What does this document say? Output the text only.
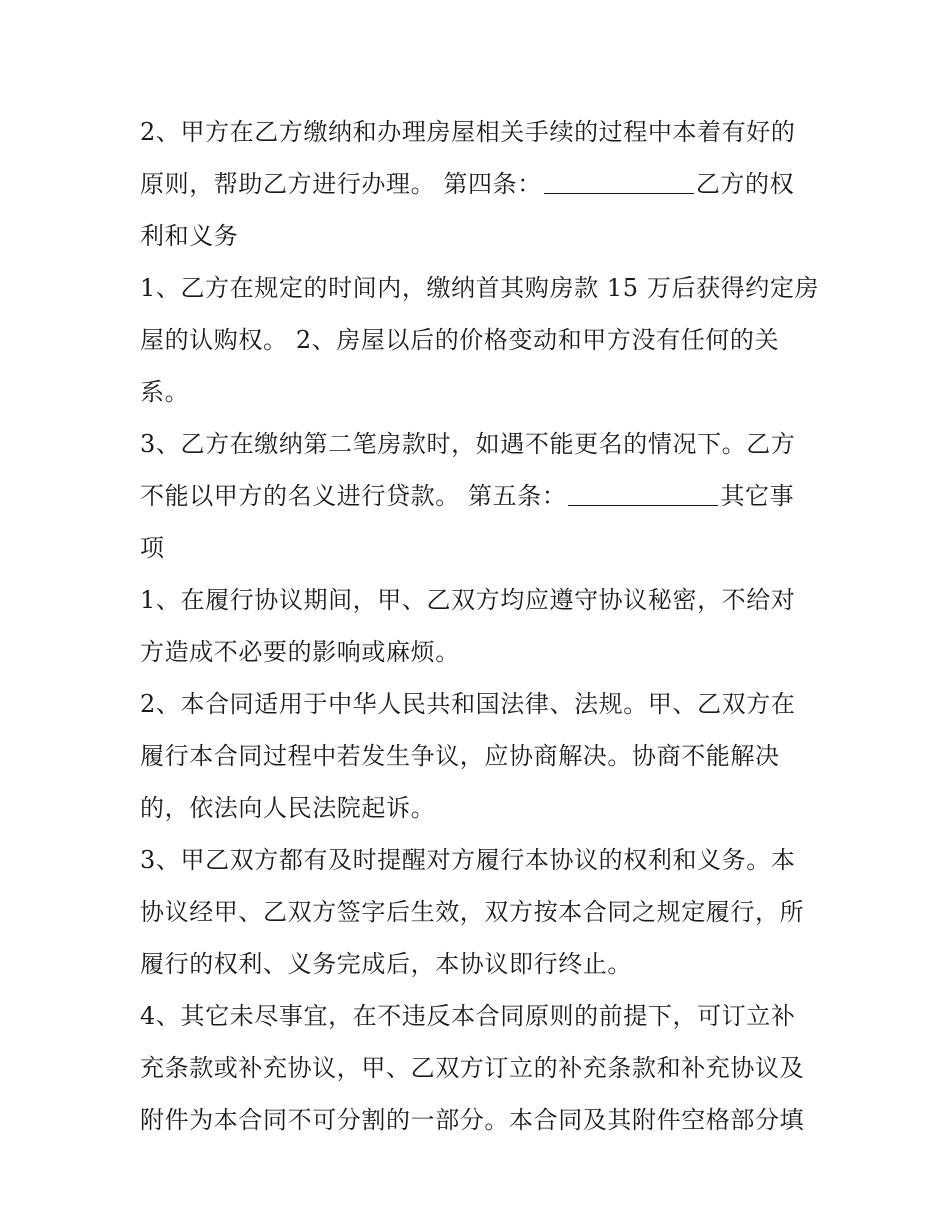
2、甲方在乙方缴纳和办理房屋相关手续的过程中本着有好的
原则，帮助乙方进行办理。 第四条：	乙方的权
利和义务
1、乙方在规定的时间内，缴纳首其购房款 15 万后获得约定房
屋的认购权。 2、房屋以后的价格变动和甲方没有任何的关
系。
3、乙方在缴纳第二笔房款时，如遇不能更名的情况下。乙方
不能以甲方的名义进行贷款。 第五条：	其它事
项
1、在履行协议期间，甲、乙双方均应遵守协议秘密，不给对
方造成不必要的影响或麻烦。
2、本合同适用于中华人民共和国法律、法规。甲、乙双方在
履行本合同过程中若发生争议，应协商解决。协商不能解决
的，依法向人民法院起诉。
3、甲乙双方都有及时提醒对方履行本协议的权利和义务。本
协议经甲、乙双方签字后生效，双方按本合同之规定履行，所
履行的权利、义务完成后，本协议即行终止。
4、其它未尽事宜，在不违反本合同原则的前提下，可订立补
充条款或补充协议，甲、乙双方订立的补充条款和补充协议及
附件为本合同不可分割的一部分。本合同及其附件空格部分填
